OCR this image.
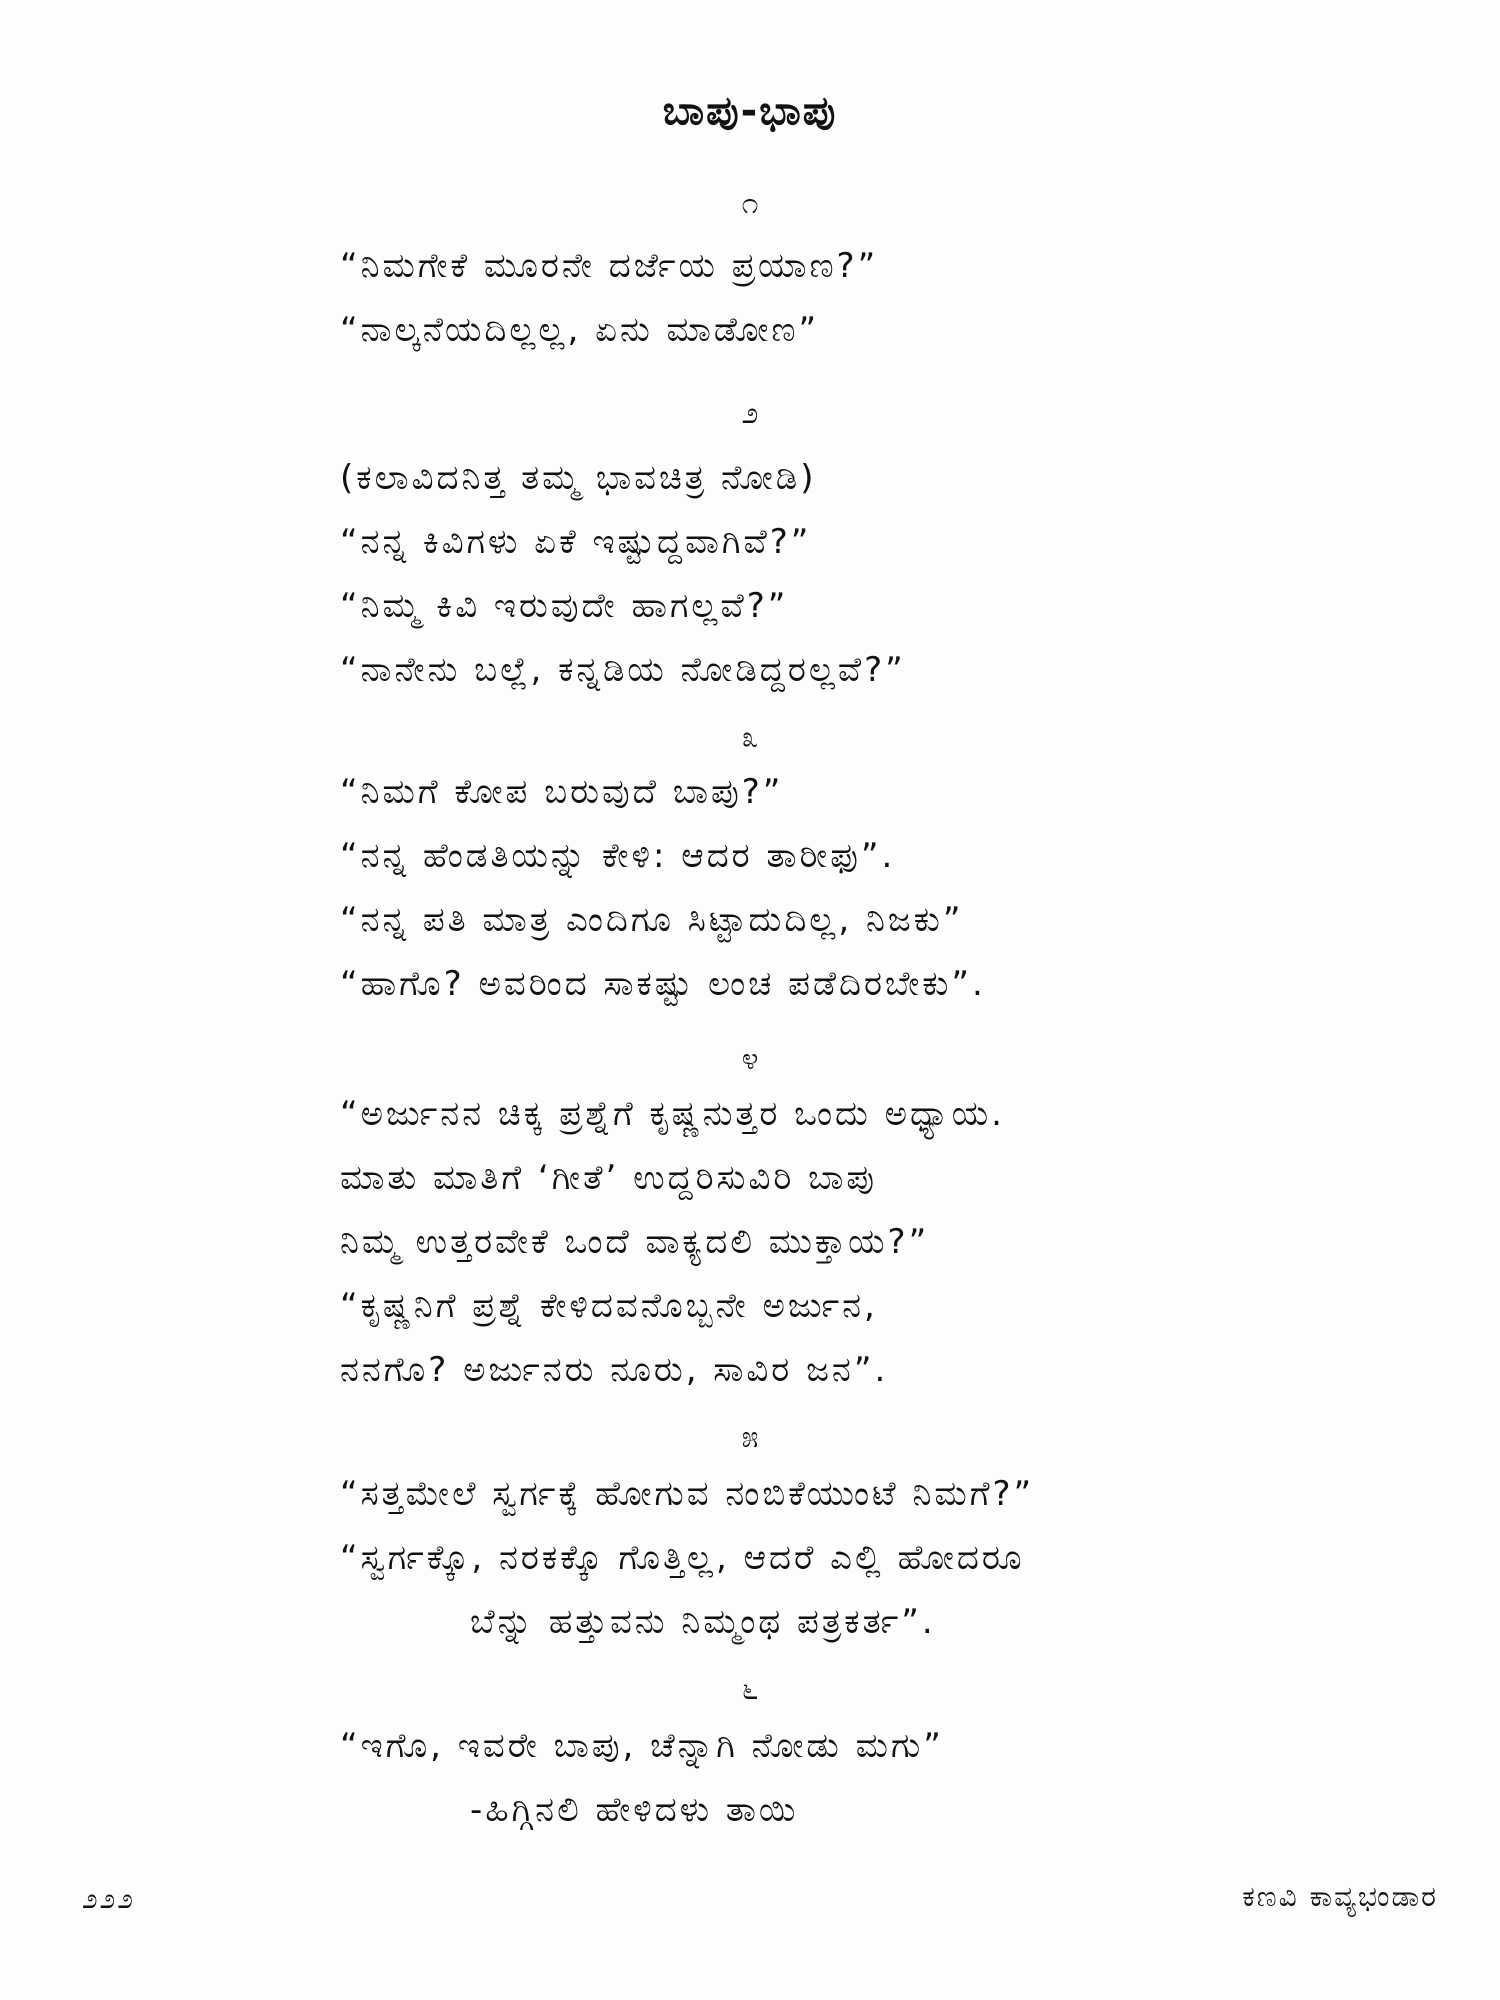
ಬಾಪು-ಭಾಪು
೧
“ನಿಮಗೇಕೆ ಮೂರನೇ ದರ್ಜೆಯ ಪ್ರಯಾಣ?”
“ನಾಲ್ಕನೆಯದಿಲ್ಲಲ್ಲ, ಏನು ಮಾಡೋಣ”
೨
(ಕಲಾವಿದನಿತ್ತ ತಮ್ಮ ಭಾವಚಿತ್ರ ನೋಡಿ)
“ನನ್ನ ಕಿವಿಗಳು ಏಕೆ ಇಷ್ಟುದ್ದವಾಗಿವೆ?”
“ನಿಮ್ಮ ಕಿವಿ ಇರುವುದೇ ಹಾಗಲ್ಲವೆ?”
“ನಾನೇನು ಬಲ್ಲೆ, ಕನ್ನಡಿಯ ನೋಡಿದ್ದರಲ್ಲವೆ?”
೩
“ನಿಮಗೆ ಕೋಪ ಬರುವುದೆ ಬಾಪು?”
“ನನ್ನ ಹೆಂಡತಿಯನ್ನು ಕೇಳಿ: ಆದರ ತಾರೀಫು”.
“ನನ್ನ ಪತಿ ಮಾತ್ರ ಎಂದಿಗೂ ಸಿಟ್ಟಾದುದಿಲ್ಲ, ನಿಜಕು”
“ಹಾಗೊ? ಅವರಿಂದ ಸಾಕಷ್ಟು ಲಂಚ ಪಡೆದಿರಬೇಕು”.
೪
“ಅರ್ಜುನನ ಚಿಕ್ಕ ಪ್ರಶ್ನೆಗೆ ಕೃಷ್ಣನುತ್ತರ ಒಂದು ಅಧ್ಯಾಯ.
ಮಾತು ಮಾತಿಗೆ ‘ಗೀತೆ’ ಉದ್ದರಿಸುವಿರಿ ಬಾಪು
ನಿಮ್ಮ ಉತ್ತರವೇಕೆ ಒಂದೆ ವಾಕ್ಯದಲಿ ಮುಕ್ತಾಯ?”
“ಕೃಷ್ಣನಿಗೆ ಪ್ರಶ್ನೆ ಕೇಳಿದವನೊಬ್ಬನೇ ಅರ್ಜುನ,
ನನಗೊ? ಅರ್ಜುನರು ನೂರು, ಸಾವಿರ ಜನ”.
೫
“ಸತ್ತಮೇಲೆ ಸ್ವರ್ಗಕ್ಕೆ ಹೋಗುವ ನಂಬಿಕೆಯುಂಟೆ ನಿಮಗೆ?”
“ಸ್ವರ್ಗಕ್ಕೊ, ನರಕಕ್ಕೊ ಗೊತ್ತಿಲ್ಲ, ಆದರೆ ಎಲ್ಲಿ ಹೋದರೂ
ಬೆನ್ನು ಹತ್ತುವನು ನಿಮ್ಮಂಥ ಪತ್ರಕರ್ತ”.
೬
“ಇಗೊ, ಇವರೇ ಬಾಪು, ಚೆನ್ನಾಗಿ ನೋಡು ಮಗು”
-ಹಿಗ್ಗಿನಲಿ ಹೇಳಿದಳು ತಾಯಿ
೨೨೨	ಕಣವಿ ಕಾವ್ಯಭಂಡಾರ
